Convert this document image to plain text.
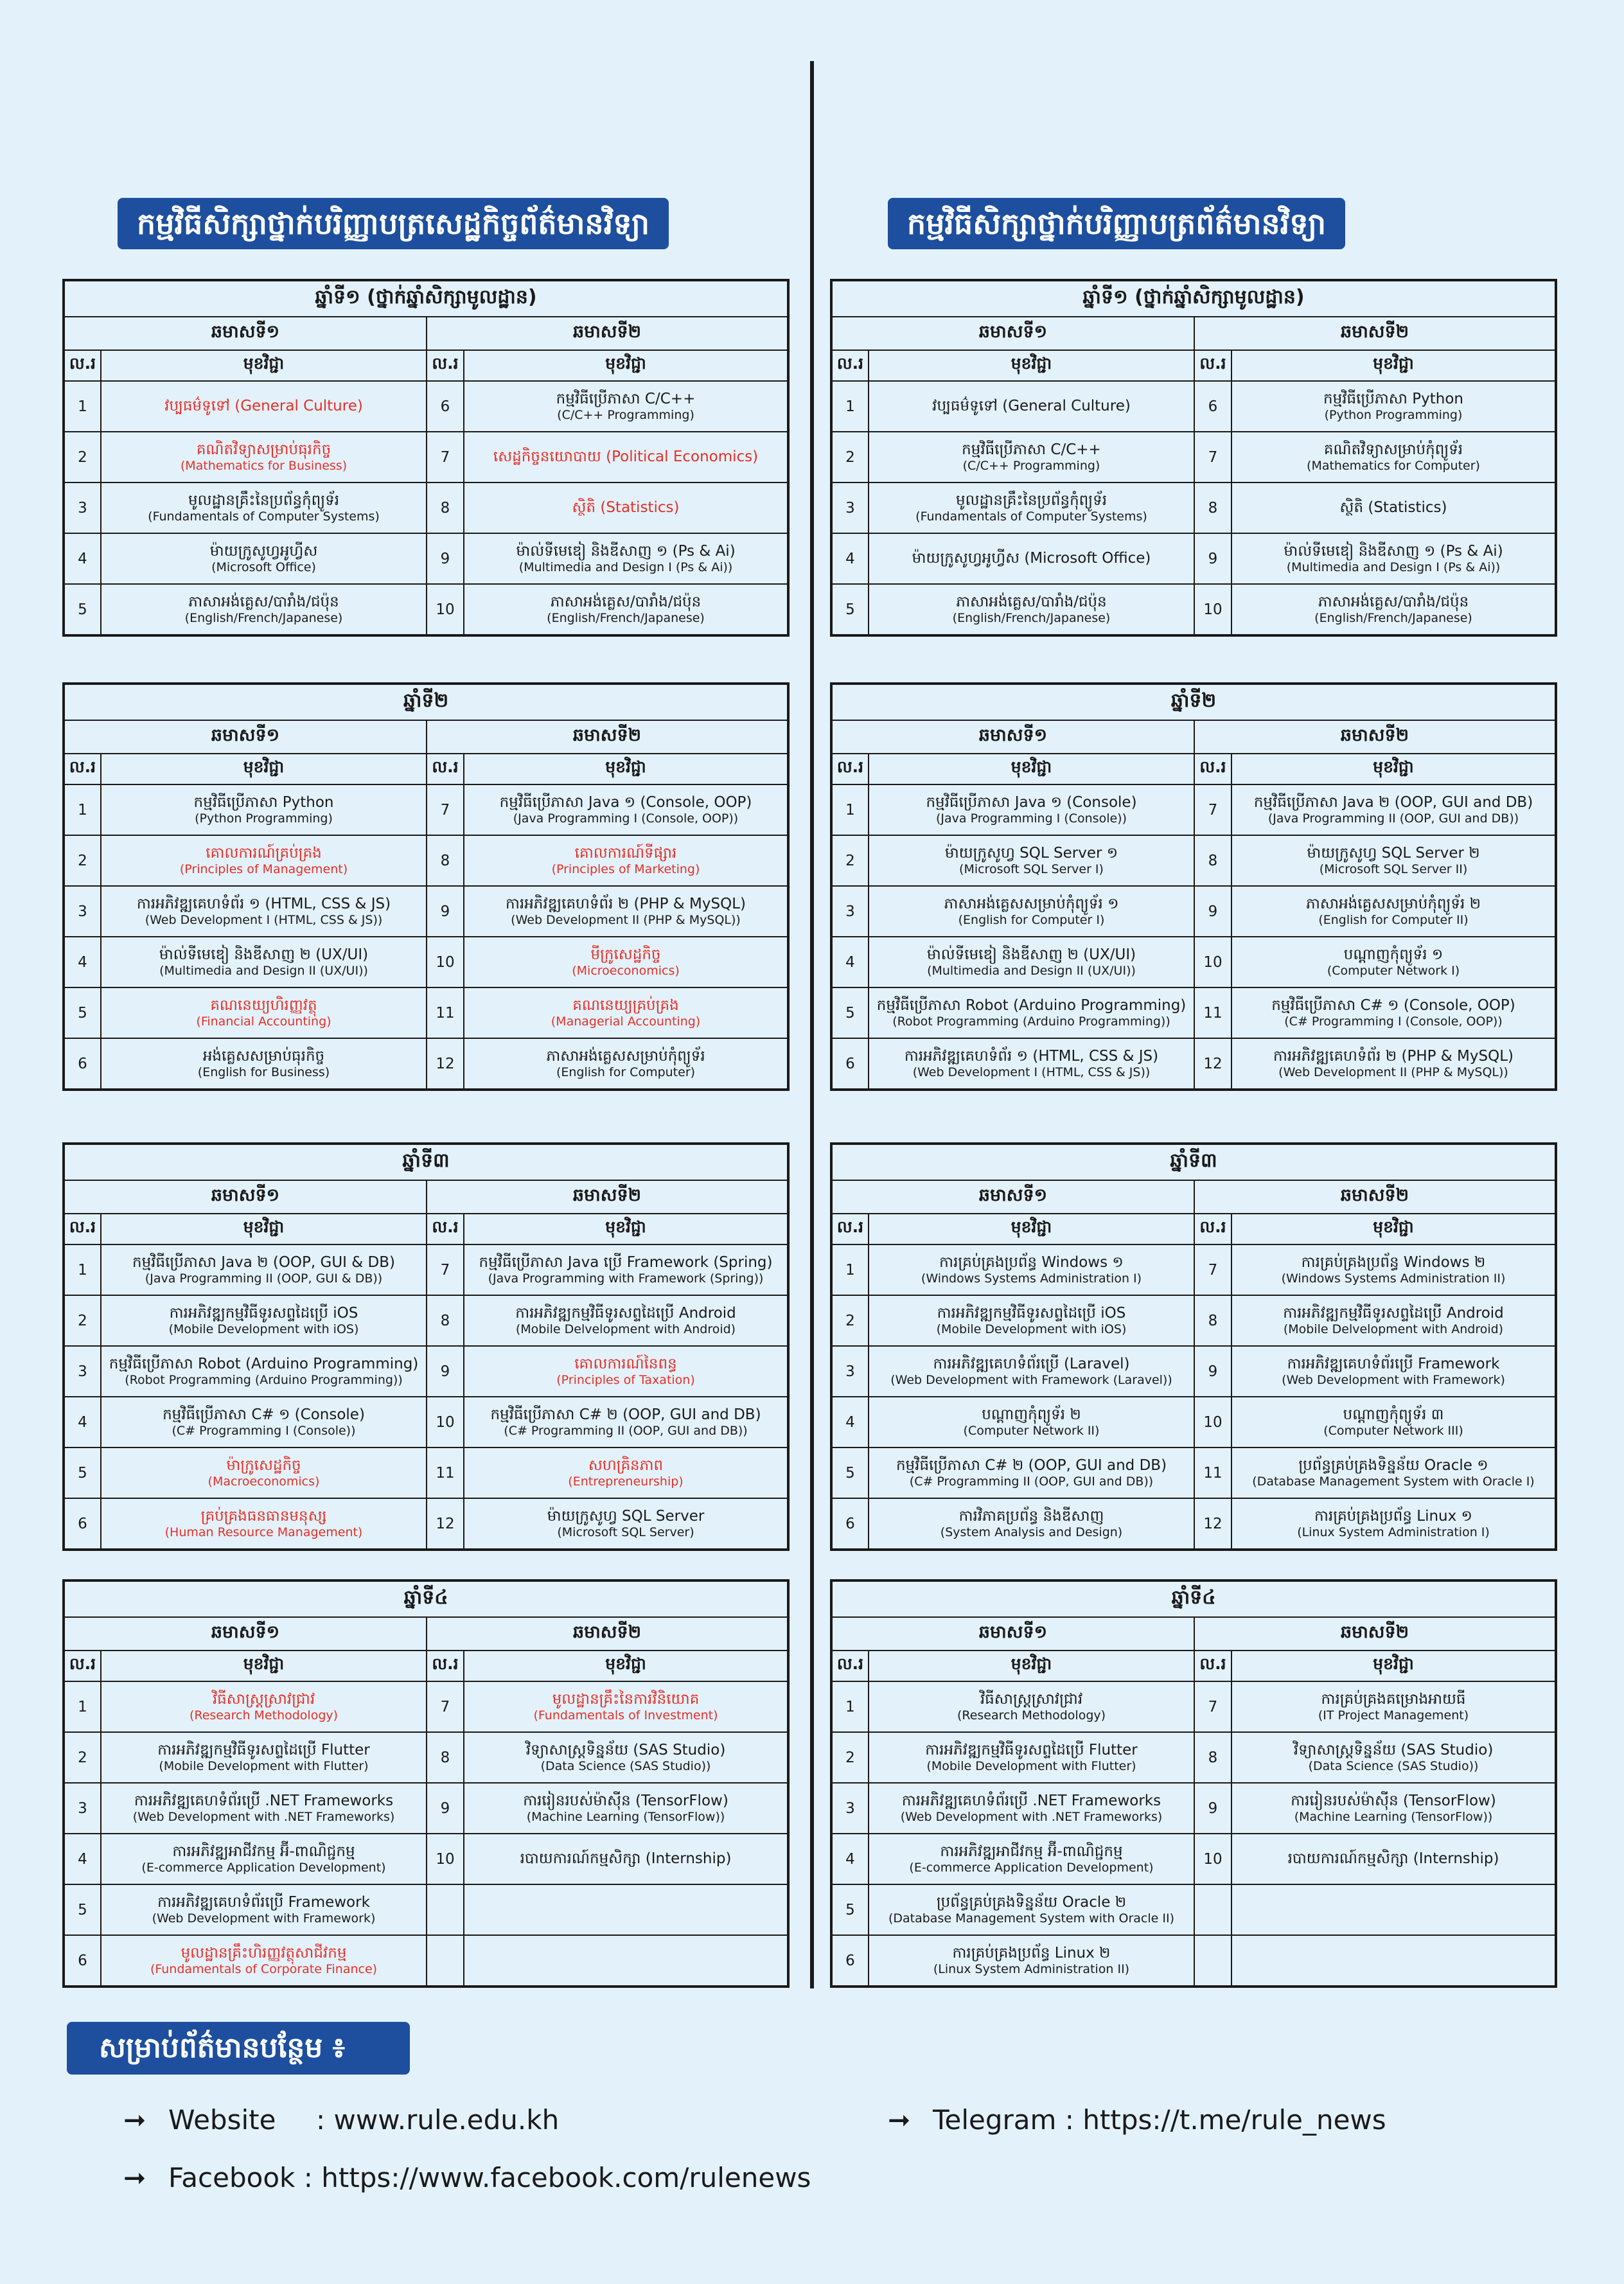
កម្មវិធីសិក្សាថ្នាក់បរិញ្ញាបត្រសេដ្ឋកិច្ចព័ត៌មានវិទ្យា
ឆ្នាំទី១ (ថ្នាក់ឆ្នាំសិក្សាមូលដ្ឋាន)			
ឆមាសទី១		ឆមាសទី២	
ល.រ	មុខវិជ្ជា	ល.រ	មុខវិជ្ជា
1	វប្បធម៌ទូទៅ (General Culture)	6	កម្មវិធីប្រើភាសា C/C++
(C/C++ Programming)

2	គណិតវិទ្យាសម្រាប់ធុរកិច្ច
(Mathematics for Business)	7	សេដ្ឋកិច្ចនយោបាយ (Political Economics)

3	មូលដ្ឋានគ្រឹះនៃប្រព័ន្ធកុំព្យូទ័រ
(Fundamentals of Computer Systems)	8	ស្ថិតិ (Statistics)

4	ម៉ាយក្រូសូហ្វអូហ្វីស
(Microsoft Office)	9	ម៉ាល់ទីមេឌៀ និងឌីសាញ ១ (Ps & Ai)
(Multimedia and Design I (Ps & Ai))

5	ភាសាអង់គ្លេស/បារាំង/ជប៉ុន
(English/French/Japanese)	10	ភាសាអង់គ្លេស/បារាំង/ជប៉ុន
(English/French/Japanese)
ឆ្នាំទី២			
ឆមាសទី១		ឆមាសទី២	
ល.រ	មុខវិជ្ជា	ល.រ	មុខវិជ្ជា
1	កម្មវិធីប្រើភាសា Python
(Python Programming)	7	កម្មវិធីប្រើភាសា Java ១ (Console, OOP)
(Java Programming I (Console, OOP))

2	គោលការណ៍គ្រប់គ្រង
(Principles of Management)	8	គោលការណ៍ទីផ្សារ
(Principles of Marketing)

3	ការអភិវឌ្ឍគេហទំព័រ ១ (HTML, CSS & JS)
(Web Development I (HTML, CSS & JS))	9	ការអភិវឌ្ឍគេហទំព័រ ២ (PHP & MySQL)
(Web Development II (PHP & MySQL))

4	ម៉ាល់ទីមេឌៀ និងឌីសាញ ២ (UX/UI)
(Multimedia and Design II (UX/UI))	10	មីក្រូសេដ្ឋកិច្ច
(Microeconomics)

5	គណនេយ្យហិរញ្ញវត្ថុ
(Financial Accounting)	11	គណនេយ្យគ្រប់គ្រង
(Managerial Accounting)

6	អង់គ្លេសសម្រាប់ធុរកិច្ច
(English for Business)	12	ភាសាអង់គ្លេសសម្រាប់កុំព្យូទ័រ
(English for Computer)
ឆ្នាំទី៣			
ឆមាសទី១		ឆមាសទី២	
ល.រ	មុខវិជ្ជា	ល.រ	មុខវិជ្ជា
1	កម្មវិធីប្រើភាសា Java ២ (OOP, GUI & DB)
(Java Programming II (OOP, GUI & DB))	7	កម្មវិធីប្រើភាសា Java ប្រើ Framework (Spring)
(Java Programming with Framework (Spring))

2	ការអភិវឌ្ឍកម្មវិធីទូរសព្ទដៃប្រើ iOS
(Mobile Development with iOS)	8	ការអភិវឌ្ឍកម្មវិធីទូរសព្ទដៃប្រើ Android
(Mobile Delvelopment with Android)

3	កម្មវិធីប្រើភាសា Robot (Arduino Programming)
(Robot Programming (Arduino Programming))	9	គោលការណ៍នៃពន្ធ
(Principles of Taxation)

4	កម្មវិធីប្រើភាសា C# ១ (Console)
(C# Programming I (Console))	10	កម្មវិធីប្រើភាសា C# ២ (OOP, GUI and DB)
(C# Programming II (OOP, GUI and DB))

5	ម៉ាក្រូសេដ្ឋកិច្ច
(Macroeconomics)	11	សហគ្រិនភាព
(Entrepreneurship)

6	គ្រប់គ្រងធនធានមនុស្ស
(Human Resource Management)	12	ម៉ាយក្រូសូហ្វ SQL Server
(Microsoft SQL Server)
ឆ្នាំទី៤			
ឆមាសទី១		ឆមាសទី២	
ល.រ	មុខវិជ្ជា	ល.រ	មុខវិជ្ជា
1	វិធីសាស្ត្រស្រាវជ្រាវ
(Research Methodology)	7	មូលដ្ឋានគ្រឹះនៃការវិនិយោគ
(Fundamentals of Investment)

2	ការអភិវឌ្ឍកម្មវិធីទូរសព្ទដៃប្រើ Flutter
(Mobile Development with Flutter)	8	វិទ្យាសាស្ត្រទិន្នន័យ (SAS Studio)
(Data Science (SAS Studio))

3	ការអភិវឌ្ឍគេហទំព័រប្រើ .NET Frameworks
(Web Development with .NET Frameworks)	9	ការរៀនរបស់ម៉ាស៊ីន (TensorFlow)
(Machine Learning (TensorFlow))

4	ការអភិវឌ្ឍអាជីវកម្ម អ៊ី-ពាណិជ្ជកម្ម
(E-commerce Application Development)	10	របាយការណ៍កម្មសិក្សា (Internship)

5	ការអភិវឌ្ឍគេហទំព័រប្រើ Framework
(Web Development with Framework)		

6	មូលដ្ឋានគ្រឹះហិរញ្ញវត្ថុសាជីវកម្ម
(Fundamentals of Corporate Finance)		

កម្មវិធីសិក្សាថ្នាក់បរិញ្ញាបត្រព័ត៌មានវិទ្យា
ឆ្នាំទី១ (ថ្នាក់ឆ្នាំសិក្សាមូលដ្ឋាន)			
ឆមាសទី១		ឆមាសទី២	
ល.រ	មុខវិជ្ជា	ល.រ	មុខវិជ្ជា
1	វប្បធម៌ទូទៅ (General Culture)	6	កម្មវិធីប្រើភាសា Python
(Python Programming)

2	កម្មវិធីប្រើភាសា C/C++
(C/C++ Programming)	7	គណិតវិទ្យាសម្រាប់កុំព្យូទ័រ
(Mathematics for Computer)

3	មូលដ្ឋានគ្រឹះនៃប្រព័ន្ធកុំព្យូទ័រ
(Fundamentals of Computer Systems)	8	ស្ថិតិ (Statistics)

4	ម៉ាយក្រូសូហ្វអូហ្វីស (Microsoft Office)	9	ម៉ាល់ទីមេឌៀ និងឌីសាញ ១ (Ps & Ai)
(Multimedia and Design I (Ps & Ai))

5	ភាសាអង់គ្លេស/បារាំង/ជប៉ុន
(English/French/Japanese)	10	ភាសាអង់គ្លេស/បារាំង/ជប៉ុន
(English/French/Japanese)
ឆ្នាំទី២			
ឆមាសទី១		ឆមាសទី២	
ល.រ	មុខវិជ្ជា	ល.រ	មុខវិជ្ជា
1	កម្មវិធីប្រើភាសា Java ១ (Console)
(Java Programming I (Console))	7	កម្មវិធីប្រើភាសា Java ២ (OOP, GUI and DB)
(Java Programming II (OOP, GUI and DB))

2	ម៉ាយក្រូសូហ្វ SQL Server ១
(Microsoft SQL Server I)	8	ម៉ាយក្រូសូហ្វ SQL Server ២
(Microsoft SQL Server II)

3	ភាសាអង់គ្លេសសម្រាប់កុំព្យូទ័រ ១
(English for Computer I)	9	ភាសាអង់គ្លេសសម្រាប់កុំព្យូទ័រ ២
(English for Computer II)

4	ម៉ាល់ទីមេឌៀ និងឌីសាញ ២ (UX/UI)
(Multimedia and Design II (UX/UI))	10	បណ្តាញកុំព្យូទ័រ ១
(Computer Network I)

5	កម្មវិធីប្រើភាសា Robot (Arduino Programming)
(Robot Programming (Arduino Programming))	11	កម្មវិធីប្រើភាសា C# ១ (Console, OOP)
(C# Programming I (Console, OOP))

6	ការអភិវឌ្ឍគេហទំព័រ ១ (HTML, CSS & JS)
(Web Development I (HTML, CSS & JS))	12	ការអភិវឌ្ឍគេហទំព័រ ២ (PHP & MySQL)
(Web Development II (PHP & MySQL))
ឆ្នាំទី៣			
ឆមាសទី១		ឆមាសទី២	
ល.រ	មុខវិជ្ជា	ល.រ	មុខវិជ្ជា
1	ការគ្រប់គ្រងប្រព័ន្ធ Windows ១
(Windows Systems Administration I)	7	ការគ្រប់គ្រងប្រព័ន្ធ Windows ២
(Windows Systems Administration II)

2	ការអភិវឌ្ឍកម្មវិធីទូរសព្ទដៃប្រើ iOS
(Mobile Development with iOS)	8	ការអភិវឌ្ឍកម្មវិធីទូរសព្ទដៃប្រើ Android
(Mobile Delvelopment with Android)

3	ការអភិវឌ្ឍគេហទំព័រប្រើ (Laravel)
(Web Development with Framework (Laravel))	9	ការអភិវឌ្ឍគេហទំព័រប្រើ Framework
(Web Development with Framework)

4	បណ្តាញកុំព្យូទ័រ ២
(Computer Network II)	10	បណ្តាញកុំព្យូទ័រ ៣
(Computer Network III)

5	កម្មវិធីប្រើភាសា C# ២ (OOP, GUI and DB)
(C# Programming II (OOP, GUI and DB))	11	ប្រព័ន្ធគ្រប់គ្រងទិន្នន័យ Oracle ១
(Database Management System with Oracle I)

6	ការវិភាគប្រព័ន្ធ និងឌីសាញ
(System Analysis and Design)	12	ការគ្រប់គ្រងប្រព័ន្ធ Linux ១
(Linux System Administration I)
ឆ្នាំទី៤			
ឆមាសទី១		ឆមាសទី២	
ល.រ	មុខវិជ្ជា	ល.រ	មុខវិជ្ជា
1	វិធីសាស្ត្រស្រាវជ្រាវ
(Research Methodology)	7	ការគ្រប់គ្រងគម្រោងអាយធី
(IT Project Management)

2	ការអភិវឌ្ឍកម្មវិធីទូរសព្ទដៃប្រើ Flutter
(Mobile Development with Flutter)	8	វិទ្យាសាស្ត្រទិន្នន័យ (SAS Studio)
(Data Science (SAS Studio))

3	ការអភិវឌ្ឍគេហទំព័រប្រើ .NET Frameworks
(Web Development with .NET Frameworks)	9	ការរៀនរបស់ម៉ាស៊ីន (TensorFlow)
(Machine Learning (TensorFlow))

4	ការអភិវឌ្ឍអាជីវកម្ម អ៊ី-ពាណិជ្ជកម្ម
(E-commerce Application Development)	10	របាយការណ៍កម្មសិក្សា (Internship)

5	ប្រព័ន្ធគ្រប់គ្រងទិន្នន័យ Oracle ២
(Database Management System with Oracle II)		

6	ការគ្រប់គ្រងប្រព័ន្ធ Linux ២
(Linux System Administration II)		

សម្រាប់ព័ត៌មានបន្ថែម ៖
➞ Website : www.rule.edu.kh	➞ Telegram : https://t.me/rule_news
➞ Facebook : https://www.facebook.com/rulenews
